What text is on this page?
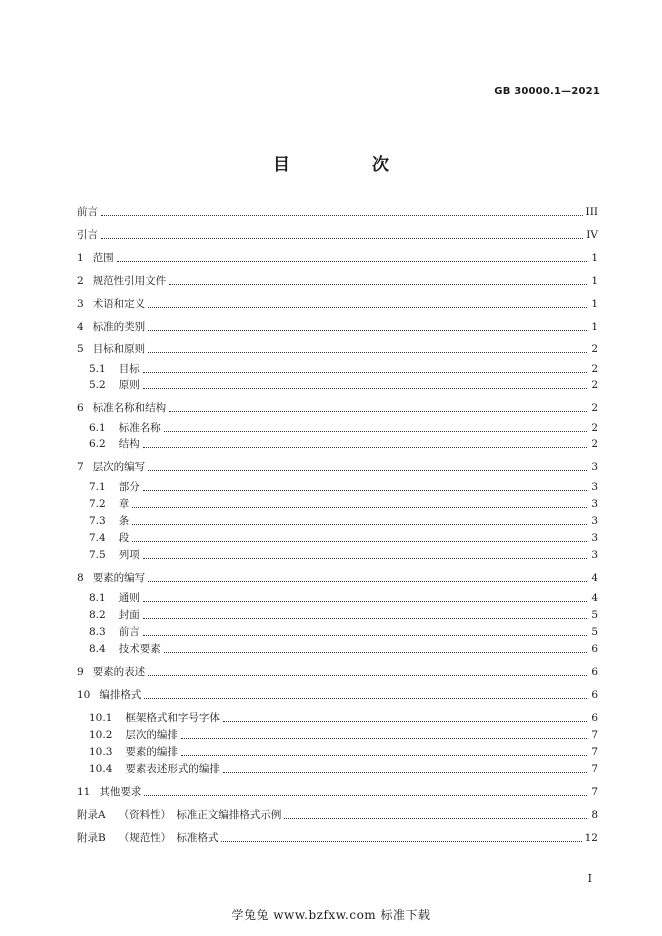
GB 30000.1—2021
目 次
前言	III
引言	IV
1 范围	1
2 规范性引用文件	1
3 术语和定义	1
4 标准的类别	1
5 目标和原则	2
5.1 目标	2
5.2 原则	2
6 标准名称和结构	2
6.1 标准名称	2
6.2 结构	2
7 层次的编写	3
7.1 部分	3
7.2 章	3
7.3 条	3
7.4 段	3
7.5 列项	3
8 要素的编写	4
8.1 通则	4
8.2 封面	5
8.3 前言	5
8.4 技术要素	6
9 要素的表述	6
10 编排格式	6
10.1 框架格式和字号字体	6
10.2 层次的编排	7
10.3 要素的编排	7
10.4 要素表述形式的编排	7
11 其他要求	7
附录A （资料性）　标准正文编排格式示例	8
附录B （规范性）　标准格式	12
I
学兔兔 www.bzfxw.com 标准下载
